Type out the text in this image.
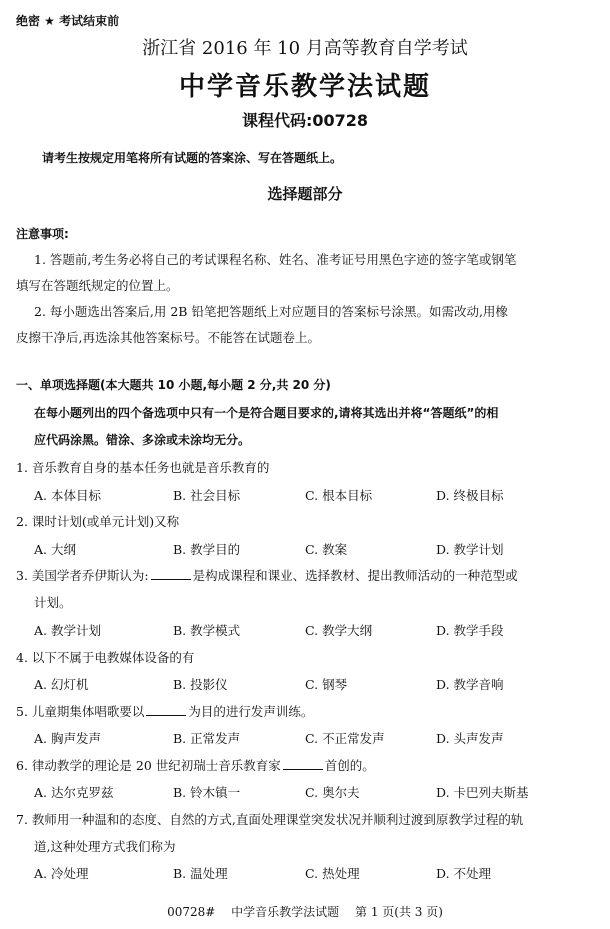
绝密 ★ 考试结束前
浙江省 2016 年 10 月高等教育自学考试
中学音乐教学法试题
课程代码:00728
请考生按规定用笔将所有试题的答案涂、写在答题纸上。
选择题部分
注意事项:
1. 答题前,考生务必将自己的考试课程名称、姓名、准考证号用黑色字迹的签字笔或钢笔
填写在答题纸规定的位置上。
2. 每小题选出答案后,用 2B 铅笔把答题纸上对应题目的答案标号涂黑。如需改动,用橡
皮擦干净后,再选涂其他答案标号。不能答在试题卷上。
一、单项选择题(本大题共 10 小题,每小题 2 分,共 20 分)
在每小题列出的四个备选项中只有一个是符合题目要求的,请将其选出并将“答题纸”的相
应代码涂黑。错涂、多涂或未涂均无分。
1. 音乐教育自身的基本任务也就是音乐教育的
A. 本体目标	B. 社会目标	C. 根本目标	D. 终极目标
2. 课时计划(或单元计划)又称
A. 大纲	B. 教学目的	C. 教案	D. 教学计划
3. 美国学者乔伊斯认为:	是构成课程和课业、选择教材、提出教师活动的一种范型或
计划。
A. 教学计划	B. 教学模式	C. 教学大纲	D. 教学手段
4. 以下不属于电教媒体设备的有
A. 幻灯机	B. 投影仪	C. 钢琴	D. 教学音响
5. 儿童期集体唱歌要以	为目的进行发声训练。
A. 胸声发声	B. 正常发声	C. 不正常发声	D. 头声发声
6. 律动教学的理论是 20 世纪初瑞士音乐教育家	首创的。
A. 达尔克罗兹	B. 铃木镇一	C. 奥尔夫	D. 卡巴列夫斯基
7. 教师用一种温和的态度、自然的方式,直面处理课堂突发状况并顺利过渡到原教学过程的轨
道,这种处理方式我们称为
A. 冷处理	B. 温处理	C. 热处理	D. 不处理
00728# 中学音乐教学法试题 第 1 页(共 3 页)
